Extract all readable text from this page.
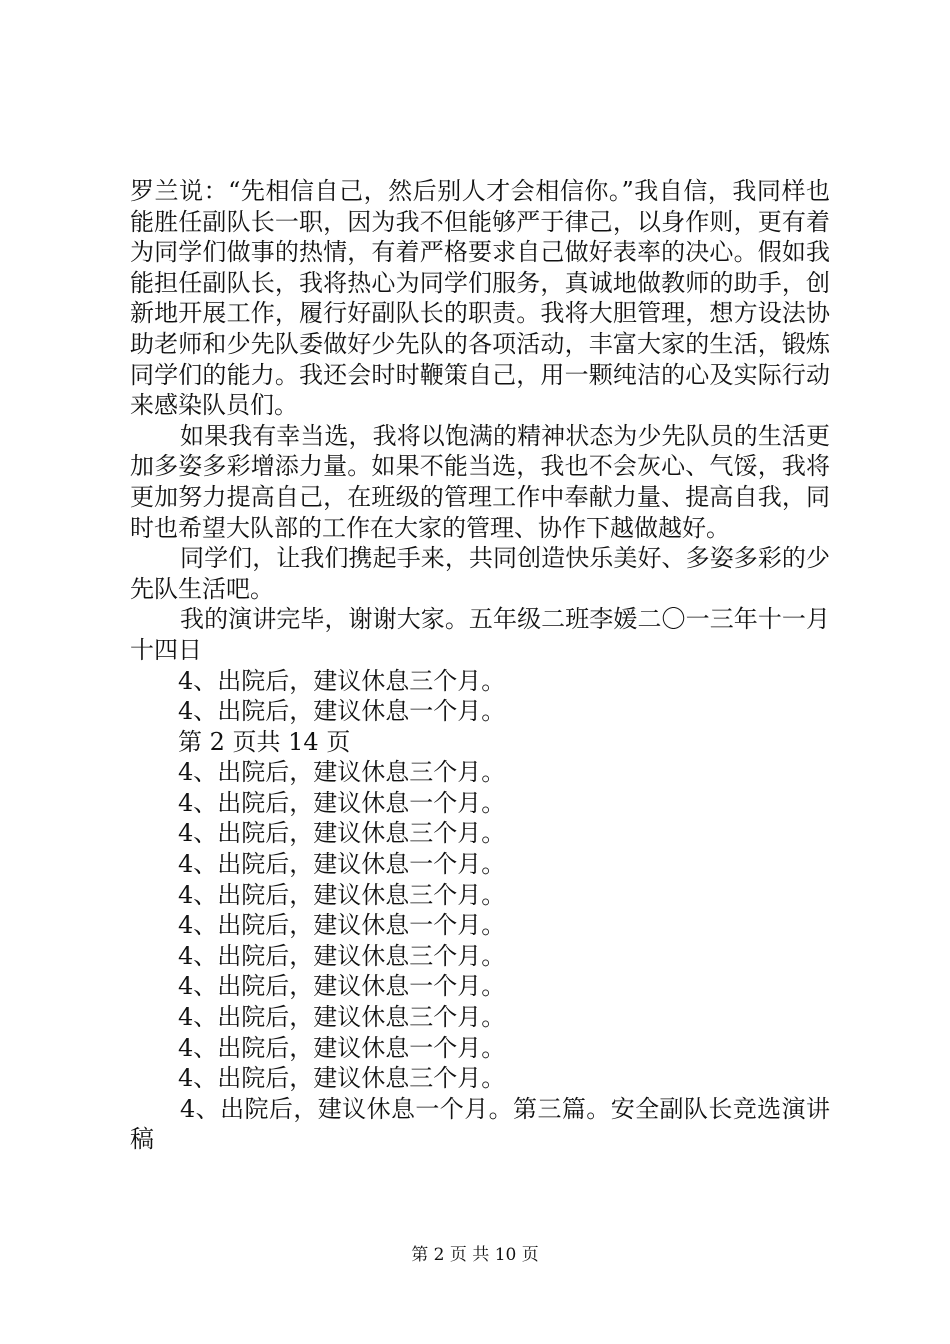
罗兰说：“先相信自己，然后别人才会相信你。”我自信，我同样也能胜任副队长一职，因为我不但能够严于律己，以身作则，更有着为同学们做事的热情，有着严格要求自己做好表率的决心。假如我能担任副队长，我将热心为同学们服务，真诚地做教师的助手，创新地开展工作，履行好副队长的职责。我将大胆管理，想方设法协助老师和少先队委做好少先队的各项活动，丰富大家的生活，锻炼同学们的能力。我还会时时鞭策自己，用一颗纯洁的心及实际行动来感染队员们。

如果我有幸当选，我将以饱满的精神状态为少先队员的生活更加多姿多彩增添力量。如果不能当选，我也不会灰心、气馁，我将更加努力提高自己，在班级的管理工作中奉献力量、提高自我，同时也希望大队部的工作在大家的管理、协作下越做越好。

同学们，让我们携起手来，共同创造快乐美好、多姿多彩的少先队生活吧。

我的演讲完毕，谢谢大家。五年级二班李媛二〇一三年十一月十四日

4、出院后，建议休息三个月。

4、出院后，建议休息一个月。

第 2 页共 14 页

4、出院后，建议休息三个月。

4、出院后，建议休息一个月。

4、出院后，建议休息三个月。

4、出院后，建议休息一个月。

4、出院后，建议休息三个月。

4、出院后，建议休息一个月。

4、出院后，建议休息三个月。

4、出院后，建议休息一个月。

4、出院后，建议休息三个月。

4、出院后，建议休息一个月。

4、出院后，建议休息三个月。

4、出院后，建议休息一个月。第三篇。安全副队长竞选演讲稿

第 2 页 共 10 页
